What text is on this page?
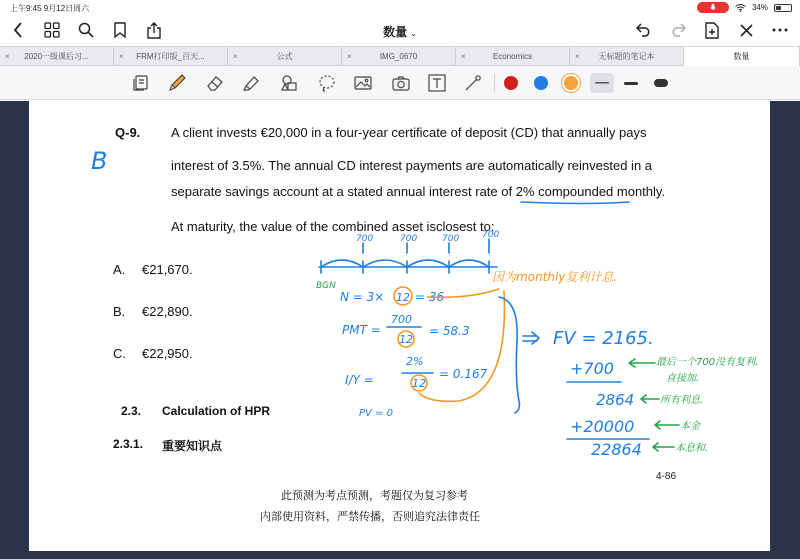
上午9:45 9月12日周六	34%
数量 ⌄
× 2020一级课后习...	× FRM打印版_百天...	×	公式	×	IMG_0670	×	Economics	× 无标题的笔记本	数量
Q-9. A client invests €20,000 in a four-year certificate of deposit (CD) that annually pays
interest of 3.5%. The annual CD interest payments are automatically reinvested in a
separate savings account at a stated annual interest rate of 2% compounded monthly.
At maturity, the value of the combined asset isclosest to:
A. €21,670.
B. €22,890.
C. €22,950.
2.3. Calculation of HPR
2.3.1. 重要知识点
4-86
此预测为考点预测，考题仅为复习参考
内部使用资料，严禁传播，否则追究法律责任
B
700	700	700	700
BGN
N = 3× 12 = 36
PMT =
700
12
= 58.3
I/Y =
2%
12
= 0.167
PV = 0
因为monthly复利计息.
FV = 2165.
+700	最后一个700没有复利.
直接加.
2864	所有利息.
+20000	本金
22864	本息和.
